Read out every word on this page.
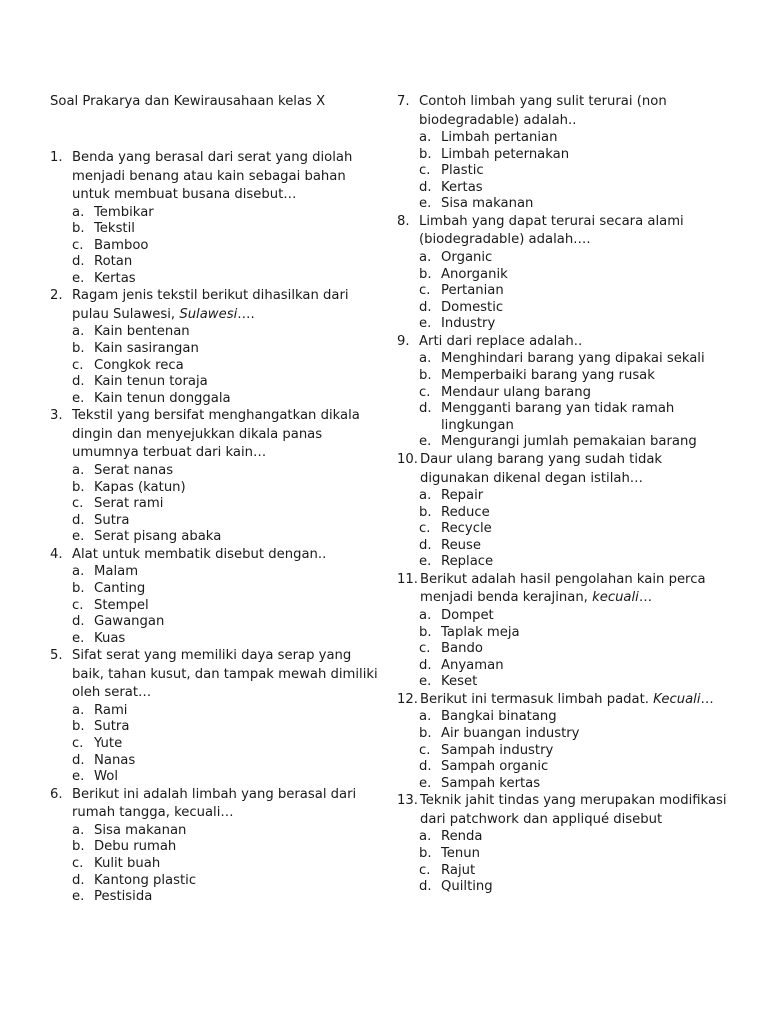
Soal Prakarya dan Kewirausahaan kelas X
1. Benda yang berasal dari serat yang diolah menjadi benang atau kain sebagai bahan untuk membuat busana disebut…
a. Tembikar
b. Tekstil
c. Bamboo
d. Rotan
e. Kertas
2. Ragam jenis tekstil berikut dihasilkan dari pulau Sulawesi, Sulawesi….
a. Kain bentenan
b. Kain sasirangan
c. Congkok reca
d. Kain tenun toraja
e. Kain tenun donggala
3. Tekstil yang bersifat menghangatkan dikala dingin dan menyejukkan dikala panas umumnya terbuat dari kain…
a. Serat nanas
b. Kapas (katun)
c. Serat rami
d. Sutra
e. Serat pisang abaka
4. Alat untuk membatik disebut dengan..
a. Malam
b. Canting
c. Stempel
d. Gawangan
e. Kuas
5. Sifat serat yang memiliki daya serap yang baik, tahan kusut, dan tampak mewah dimiliki oleh serat…
a. Rami
b. Sutra
c. Yute
d. Nanas
e. Wol
6. Berikut ini adalah limbah yang berasal dari rumah tangga, kecuali…
a. Sisa makanan
b. Debu rumah
c. Kulit buah
d. Kantong plastic
e. Pestisida
7. Contoh limbah yang sulit terurai (non biodegradable) adalah..
a. Limbah pertanian
b. Limbah peternakan
c. Plastic
d. Kertas
e. Sisa makanan
8. Limbah yang dapat terurai secara alami (biodegradable) adalah….
a. Organic
b. Anorganik
c. Pertanian
d. Domestic
e. Industry
9. Arti dari replace adalah..
a. Menghindari barang yang dipakai sekali
b. Memperbaiki barang yang rusak
c. Mendaur ulang barang
d. Mengganti barang yan tidak ramah
lingkungan
e. Mengurangi jumlah pemakaian barang
10. Daur ulang barang yang sudah tidak digunakan dikenal degan istilah…
a. Repair
b. Reduce
c. Recycle
d. Reuse
e. Replace
11. Berikut adalah hasil pengolahan kain perca menjadi benda kerajinan, kecuali…
a. Dompet
b. Taplak meja
c. Bando
d. Anyaman
e. Keset
12. Berikut ini termasuk limbah padat. Kecuali…
a. Bangkai binatang
b. Air buangan industry
c. Sampah industry
d. Sampah organic
e. Sampah kertas
13. Teknik jahit tindas yang merupakan modifikasi dari patchwork dan appliqué disebut
a. Renda
b. Tenun
c. Rajut
d. Quilting
